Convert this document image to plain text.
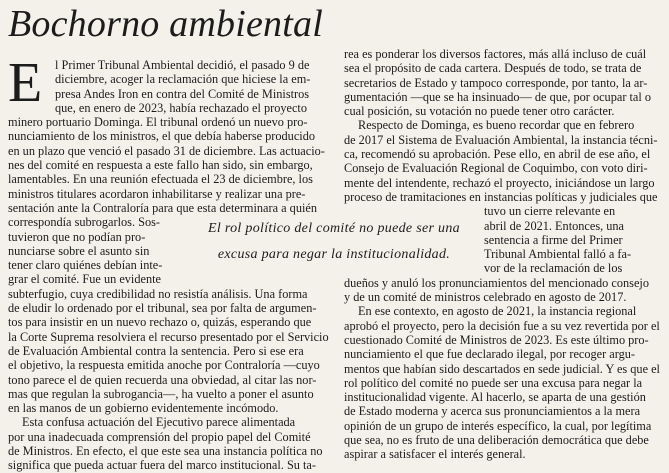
Bochorno ambiental
E	l Primer Tribunal Ambiental decidió, el pasado 9 de
diciembre, acoger la reclamación que hiciese la em-
presa Andes Iron en contra del Comité de Ministros
que, en enero de 2023, había rechazado el proyecto
minero portuario Dominga. El tribunal ordenó un nuevo pro-
nunciamiento de los ministros, el que debía haberse producido
en un plazo que venció el pasado 31 de diciembre. Las actuacio-
nes del comité en respuesta a este fallo han sido, sin embargo,
lamentables. En una reunión efectuada el 23 de diciembre, los
ministros titulares acordaron inhabilitarse y realizar una pre-
sentación ante la Contraloría para que esta determinara a quién
correspondía subrogarlos. Sos-
tuvieron que no podían pro-
nunciarse sobre el asunto sin
tener claro quiénes debían inte-
grar el comité. Fue un evidente
subterfugio, cuya credibilidad no resistía análisis. Una forma
de eludir lo ordenado por el tribunal, sea por falta de argumen-
tos para insistir en un nuevo rechazo o, quizás, esperando que
la Corte Suprema resolviera el recurso presentado por el Servicio
de Evaluación Ambiental contra la sentencia. Pero si ese era
el objetivo, la respuesta emitida anoche por Contraloría —cuyo
tono parece el de quien recuerda una obviedad, al citar las nor-
mas que regulan la subrogancia—, ha vuelto a poner el asunto
en las manos de un gobierno evidentemente incómodo.
Esta confusa actuación del Ejecutivo parece alimentada
por una inadecuada comprensión del propio papel del Comité
de Ministros. En efecto, el que este sea una instancia política no
significa que pueda actuar fuera del marco institucional. Su ta-
rea es ponderar los diversos factores, más allá incluso de cuál
sea el propósito de cada cartera. Después de todo, se trata de
secretarios de Estado y tampoco corresponde, por tanto, la ar-
gumentación —que se ha insinuado— de que, por ocupar tal o
cual posición, su votación no puede tener otro carácter.
Respecto de Dominga, es bueno recordar que en febrero
de 2017 el Sistema de Evaluación Ambiental, la instancia técni-
ca, recomendó su aprobación. Pese ello, en abril de ese año, el
Consejo de Evaluación Regional de Coquimbo, con voto diri-
mente del intendente, rechazó el proyecto, iniciándose un largo
proceso de tramitaciones en instancias políticas y judiciales que
tuvo un cierre relevante en
abril de 2021. Entonces, una
sentencia a firme del Primer
Tribunal Ambiental falló a fa-
vor de la reclamación de los
dueños y anuló los pronunciamientos del mencionado consejo
y de un comité de ministros celebrado en agosto de 2017.
En ese contexto, en agosto de 2021, la instancia regional
aprobó el proyecto, pero la decisión fue a su vez revertida por el
cuestionado Comité de Ministros de 2023. Es este último pro-
nunciamiento el que fue declarado ilegal, por recoger argu-
mentos que habían sido descartados en sede judicial. Y es que el
rol político del comité no puede ser una excusa para negar la
institucionalidad vigente. Al hacerlo, se aparta de una gestión
de Estado moderna y acerca sus pronunciamientos a la mera
opinión de un grupo de interés específico, la cual, por legítima
que sea, no es fruto de una deliberación democrática que debe
aspirar a satisfacer el interés general.
El rol político del comité no puede ser una
excusa para negar la institucionalidad.
